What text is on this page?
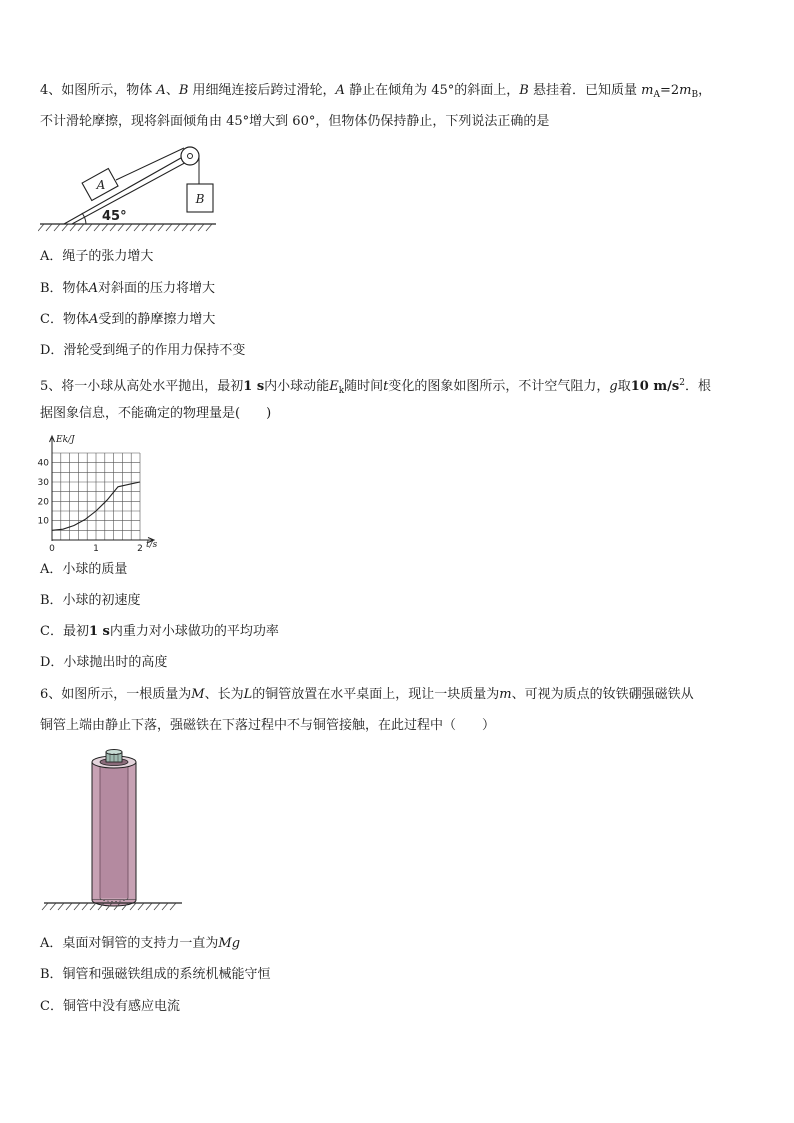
4、如图所示，物体 A、B 用细绳连接后跨过滑轮，A 静止在倾角为 45°的斜面上，B 悬挂着．已知质量 $m_A=2m_B$，
不计滑轮摩擦，现将斜面倾角由 45°增大到 60°，但物体仍保持静止，下列说法正确的是
A
B
45°
A．绳子的张力增大
B．物体A对斜面的压力将增大
C．物体A受到的静摩擦力增大
D．滑轮受到绳子的作用力保持不变
5、将一小球从高处水平抛出，最初1 s内小球动能$E_k$随时间t变化的图象如图所示，不计空气阻力，g取10 $m/s^2$．根
据图象信息，不能确定的物理量是(　　)
0	1	2
10
20
30
40
Ek/J
t/s
A．小球的质量
B．小球的初速度
C．最初1 s内重力对小球做功的平均功率
D．小球抛出时的高度
6、如图所示，一根质量为M、长为L的铜管放置在水平桌面上，现让一块质量为m、可视为质点的钕铁硼强磁铁从
铜管上端由静止下落，强磁铁在下落过程中不与铜管接触，在此过程中（　　）
A．桌面对铜管的支持力一直为Mg
B．铜管和强磁铁组成的系统机械能守恒
C．铜管中没有感应电流
